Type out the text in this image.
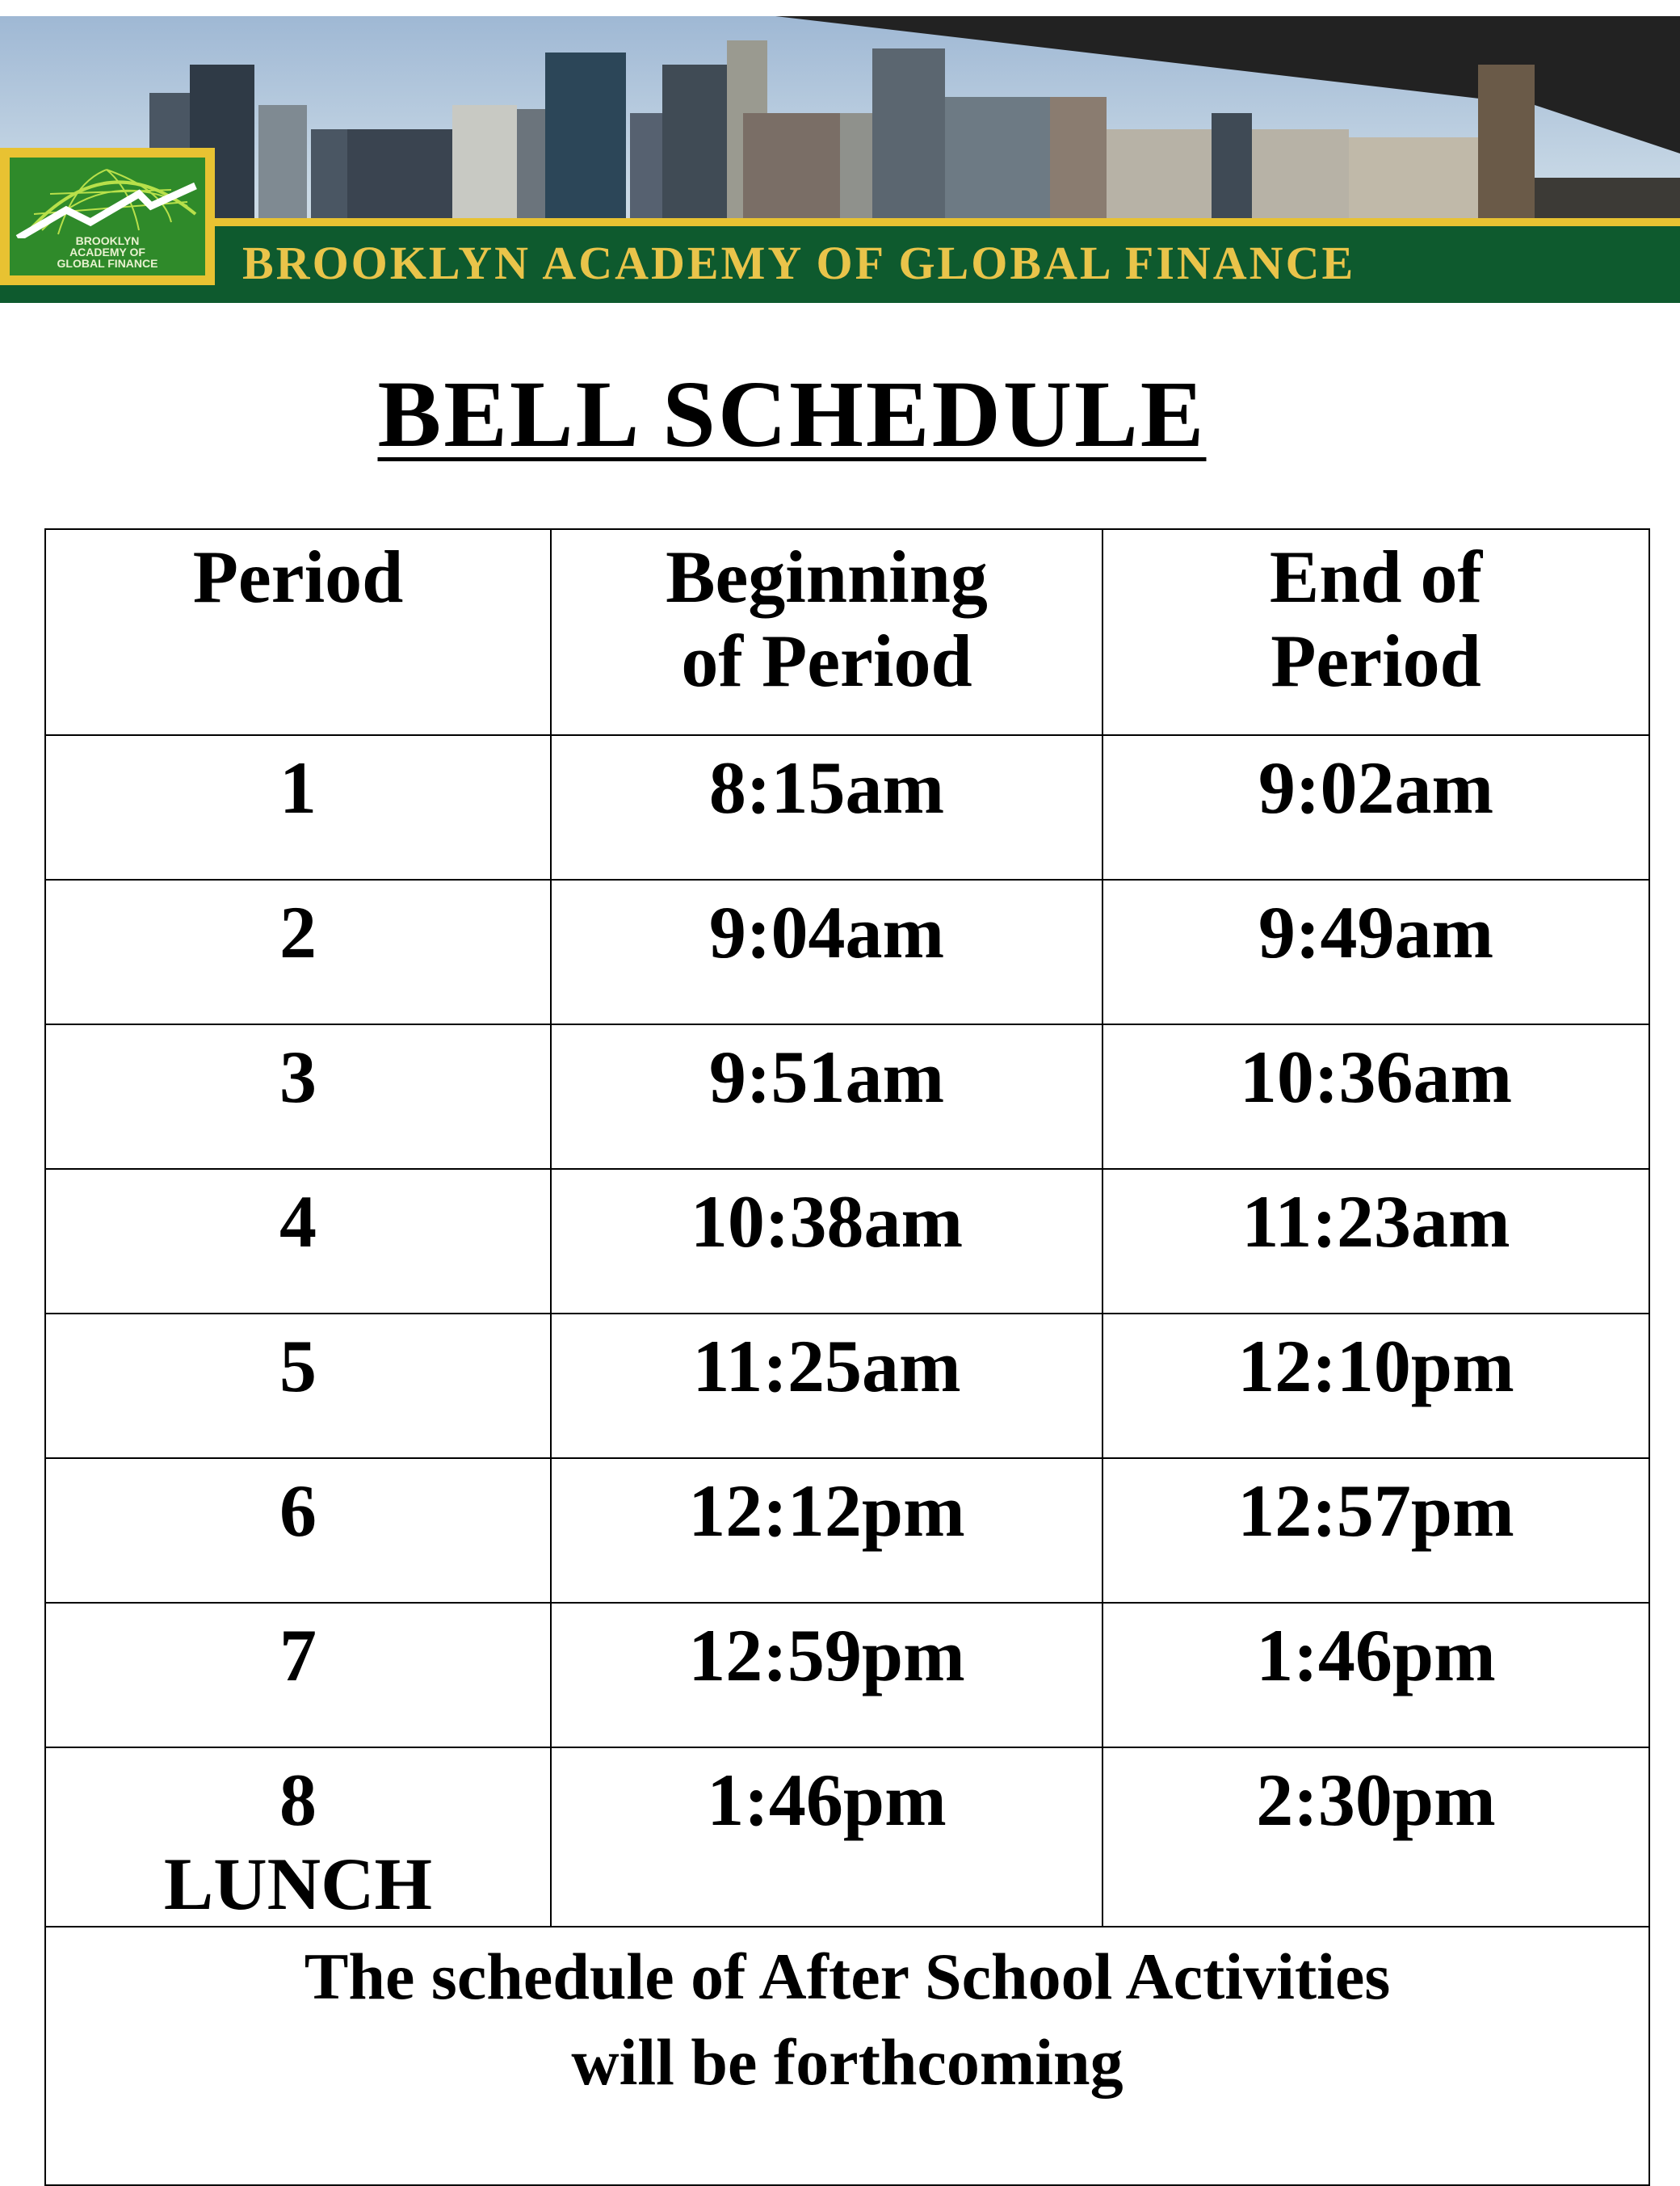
BROOKLYN ACADEMY OF GLOBAL FINANCE
BROOKLYN
ACADEMY OF
GLOBAL FINANCE
BELL SCHEDULE
Period	Beginning of Period	End of Period

1	8:15am	9:02am
2	9:04am	9:49am
3	9:51am	10:36am
4	10:38am	11:23am
5	11:25am	12:10pm
6	12:12pm	12:57pm
7	12:59pm	1:46pm

8
LUNCH	1:46pm	2:30pm

The schedule of After School Activities
will be forthcoming		
